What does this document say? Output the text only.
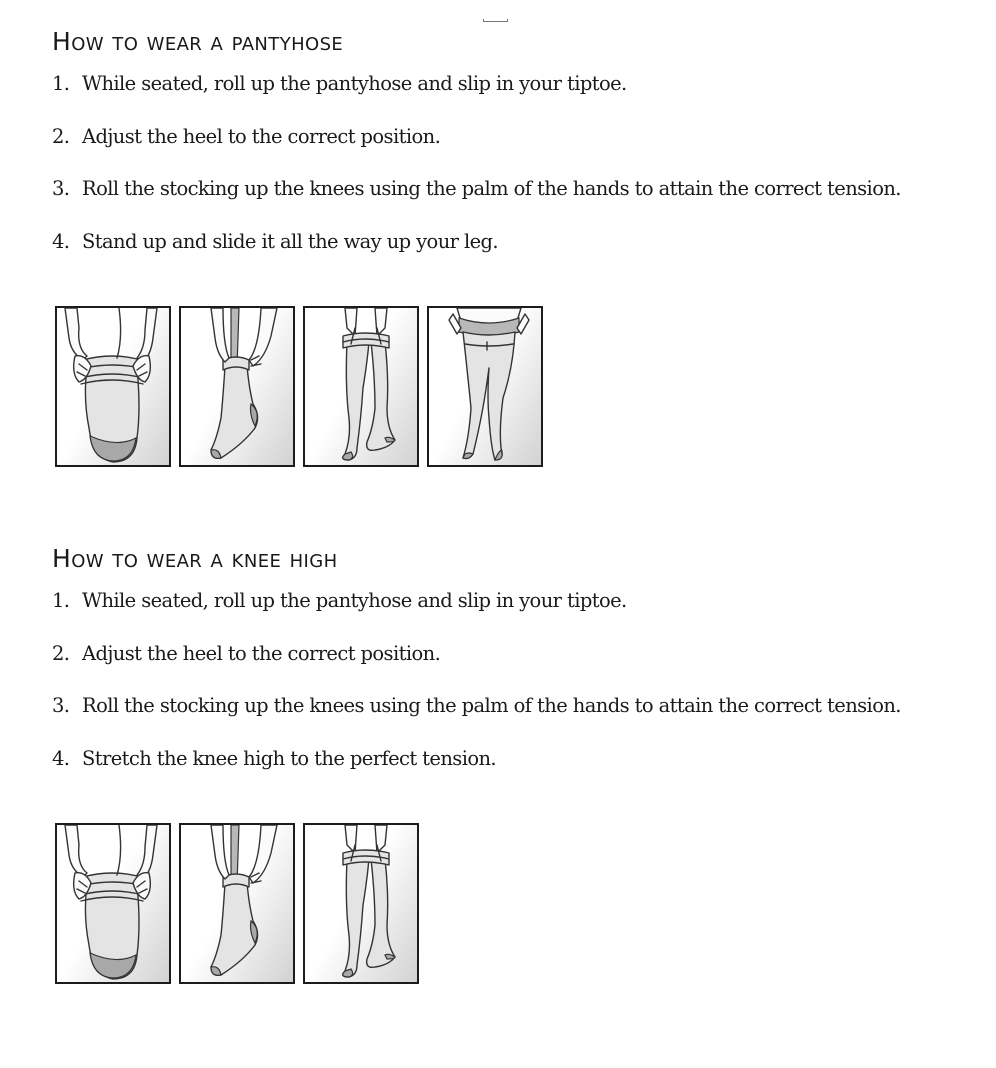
How to wear a pantyhose
1. While seated, roll up the pantyhose and slip in your tiptoe.
2. Adjust the heel to the correct position.
3. Roll the stocking up the knees using the palm of the hands to attain the correct tension.
4. Stand up and slide it all the way up your leg.
How to wear a knee high
1. While seated, roll up the pantyhose and slip in your tiptoe.
2. Adjust the heel to the correct position.
3. Roll the stocking up the knees using the palm of the hands to attain the correct tension.
4. Stretch the knee high to the perfect tension.
